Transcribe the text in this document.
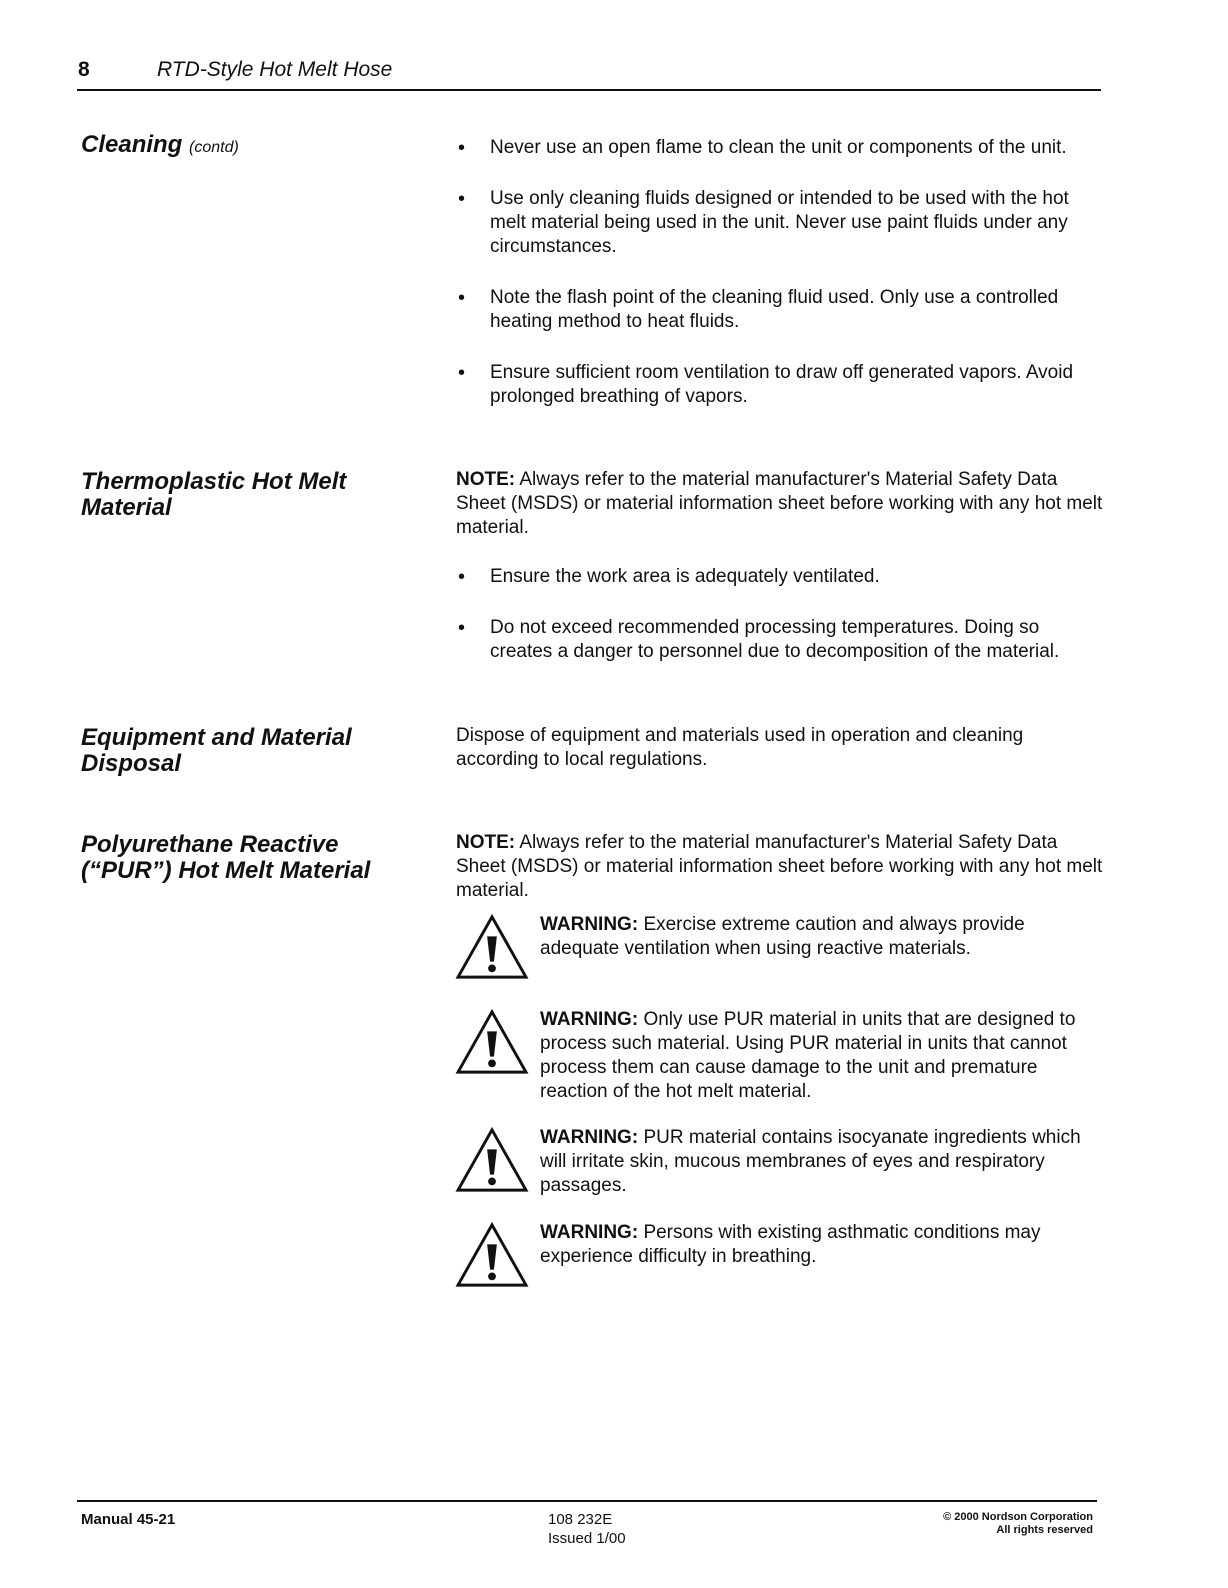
8	RTD-Style Hot Melt Hose
Cleaning (contd)
•	Never use an open flame to clean the unit or components of the unit.
• Use only cleaning fluids designed or intended to be used with the hot melt material being used in the unit. Never use paint fluids under any circumstances.
• Note the flash point of the cleaning fluid used. Only use a controlled heating method to heat fluids.
• Ensure sufficient room ventilation to draw off generated vapors. Avoid prolonged breathing of vapors.
Thermoplastic Hot Melt
Material
NOTE: Always refer to the material manufacturer's Material Safety Data Sheet (MSDS) or material information sheet before working with any hot melt material.
• Ensure the work area is adequately ventilated.
• Do not exceed recommended processing temperatures. Doing so creates a danger to personnel due to decomposition of the material.
Equipment and Material
Disposal
Dispose of equipment and materials used in operation and cleaning according to local regulations.
Polyurethane Reactive
(“PUR”) Hot Melt Material
NOTE: Always refer to the material manufacturer's Material Safety Data Sheet (MSDS) or material information sheet before working with any hot melt material.
WARNING: Exercise extreme caution and always provide adequate ventilation when using reactive materials.
WARNING: Only use PUR material in units that are designed to process such material. Using PUR material in units that cannot process them can cause damage to the unit and premature reaction of the hot melt material.
WARNING: PUR material contains isocyanate ingredients which will irritate skin, mucous membranes of eyes and respiratory passages.
WARNING: Persons with existing asthmatic conditions may experience difficulty in breathing.
Manual 45-21	108 232E
Issued 1/00
© 2000 Nordson Corporation
All rights reserved
